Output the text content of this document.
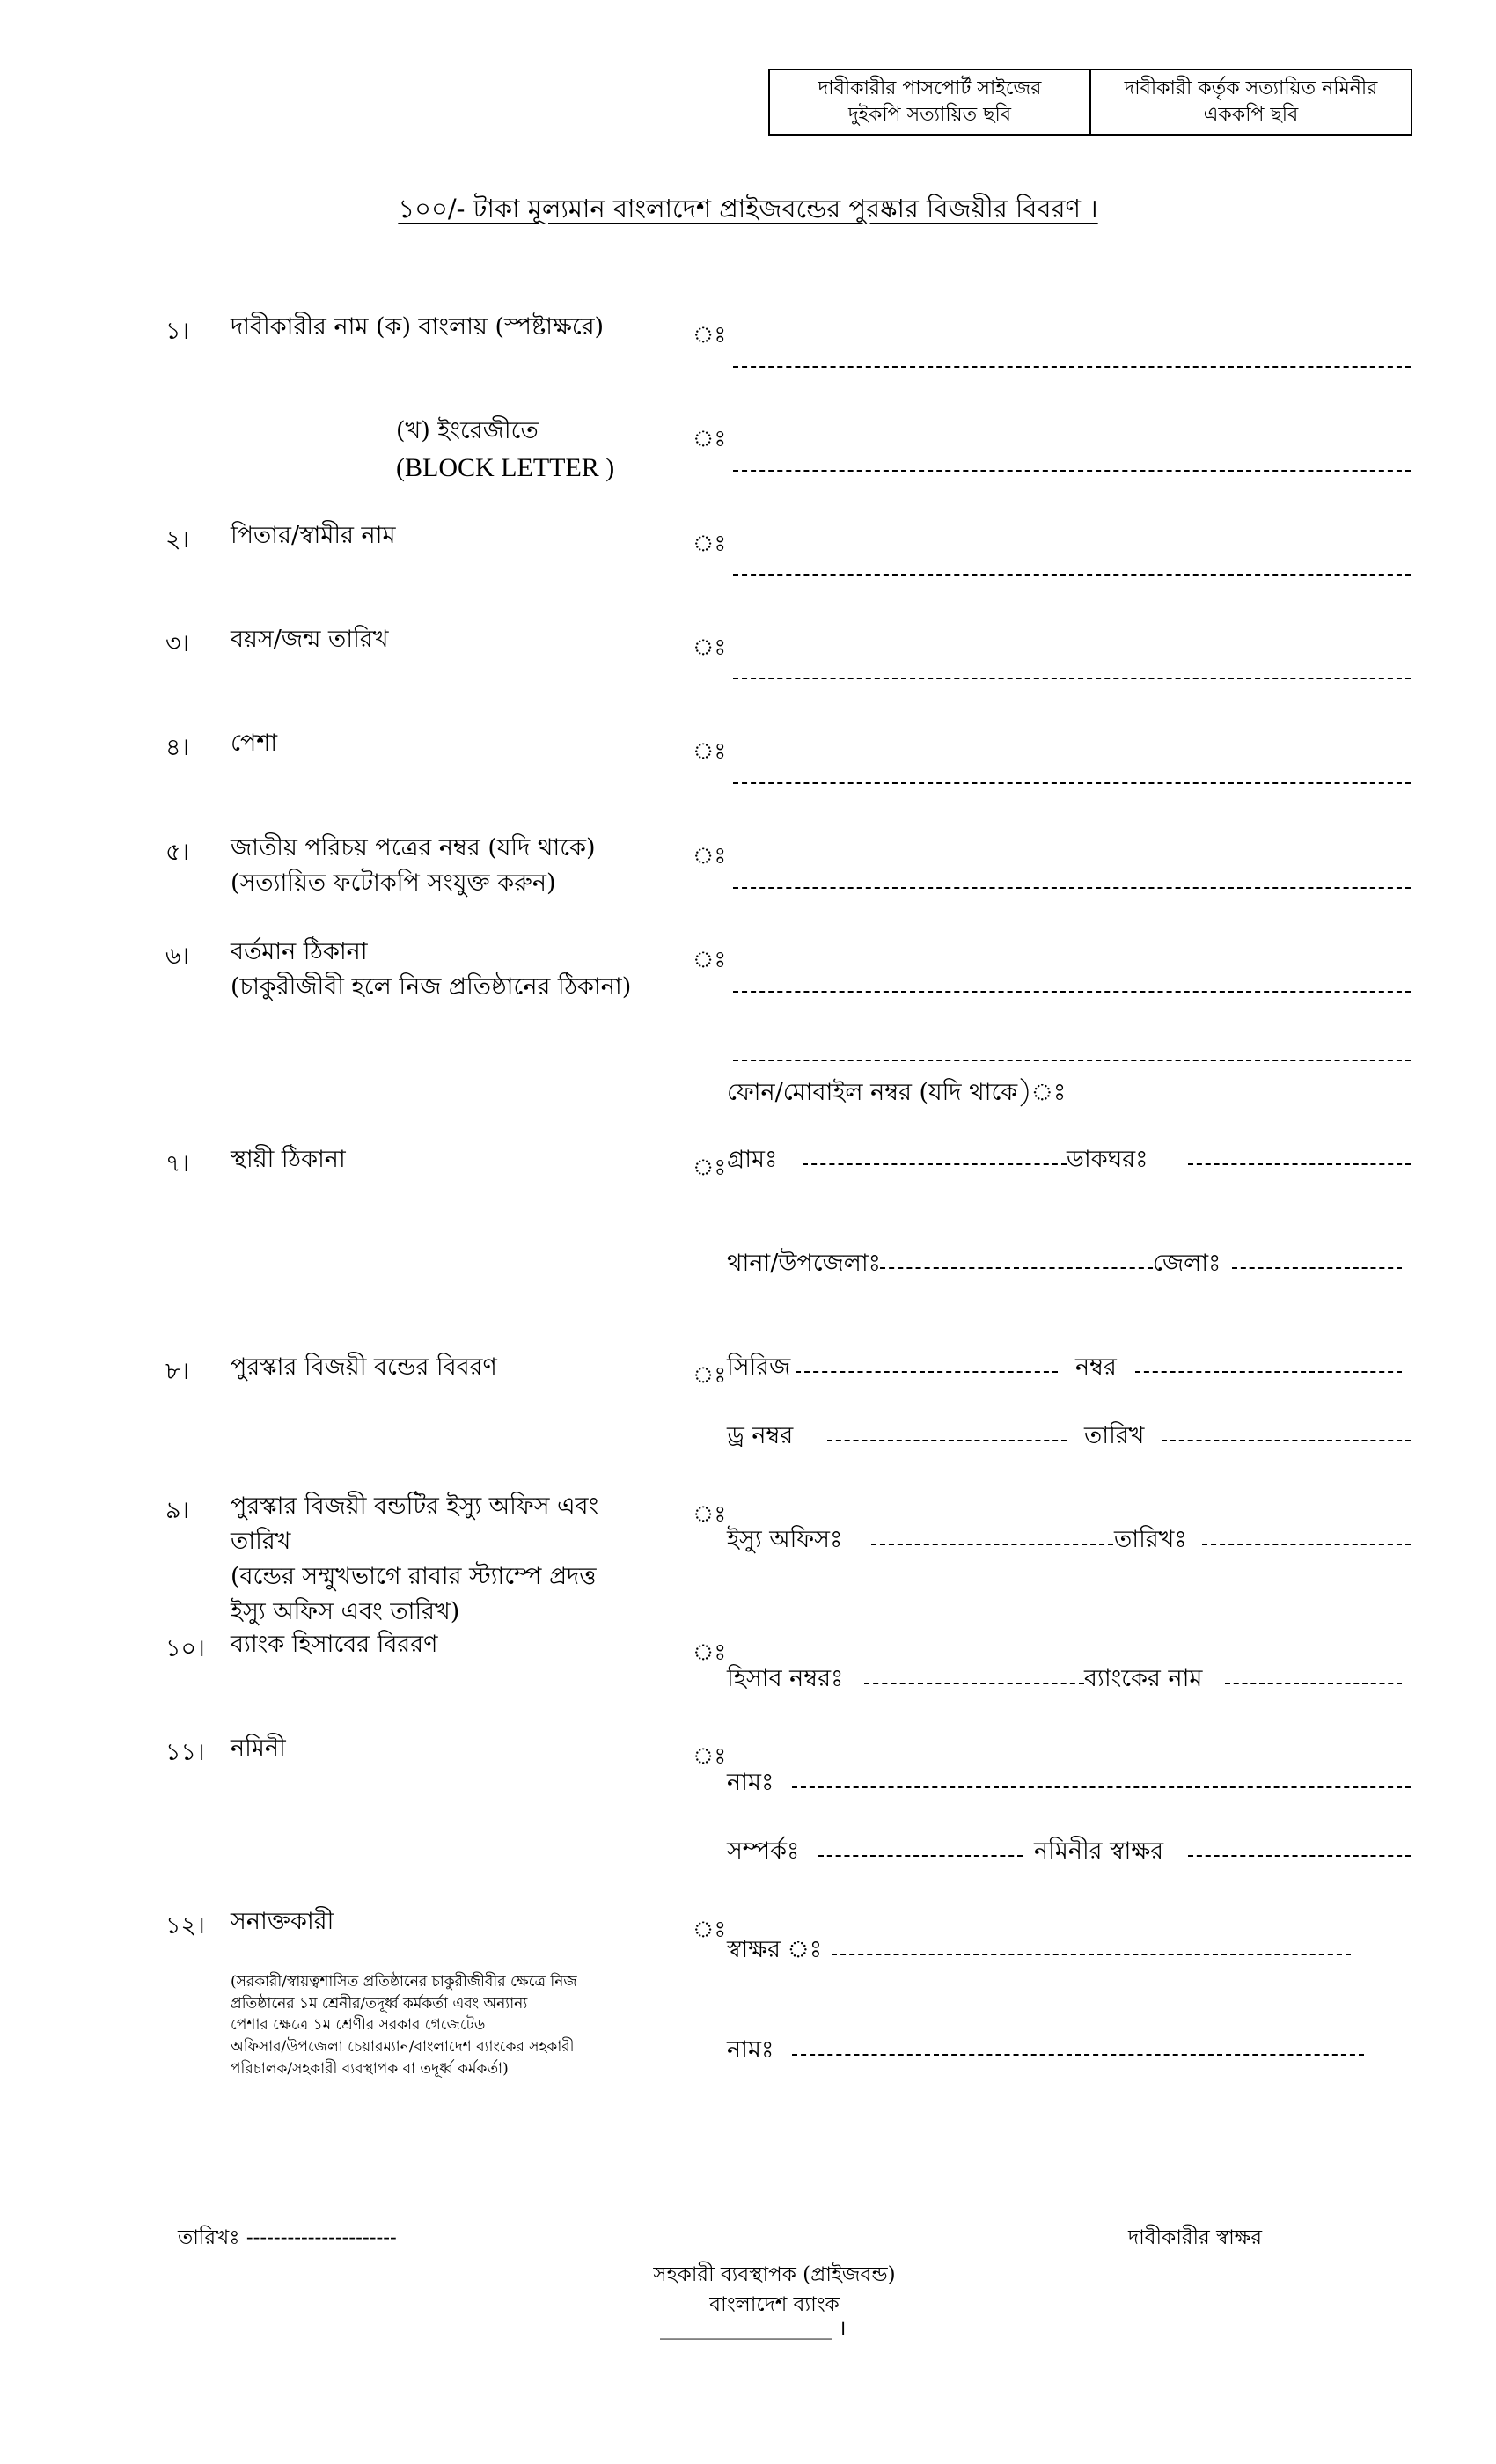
দাবীকারীর পাসপোর্ট সাইজের
দুইকপি সত্যায়িত ছবি
দাবীকারী কর্তৃক সত্যায়িত নমিনীর
এককপি ছবি
১০০/- টাকা মূল্যমান বাংলাদেশ প্রাইজবন্ডের পুরষ্কার বিজয়ীর বিবরণ ।
১। দাবীকারীর নাম (ক) বাংলায় (স্পষ্টাক্ষরে)	ঃ
(খ) ইংরেজীতে
(BLOCK LETTER )
ঃ
২। পিতার/স্বামীর নাম	ঃ
৩। বয়স/জন্ম তারিখ	ঃ
৪। পেশা	ঃ
৫। জাতীয় পরিচয় পত্রের নম্বর (যদি থাকে)
(সত্যায়িত ফটোকপি সংযুক্ত করুন)
ঃ
৬। বর্তমান ঠিকানা
(চাকুরীজীবী হলে নিজ প্রতিষ্ঠানের ঠিকানা)
ঃ
ফোন/মোবাইল নম্বর (যদি থাকে)ঃ
৭। স্থায়ী ঠিকানা	ঃ গ্রামঃ	ডাকঘরঃ
থানা/উপজেলাঃ	জেলাঃ
৮। পুরস্কার বিজয়ী বন্ডের বিবরণ	ঃ সিরিজ	নম্বর
ড্র নম্বর	তারিখ
৯। পুরস্কার বিজয়ী বন্ডটির ইস্যু অফিস এবং
তারিখ
(বন্ডের সম্মুখভাগে রাবার স্ট্যাম্পে প্রদত্ত
ইস্যু অফিস এবং তারিখ)
ঃ
ইস্যু অফিসঃ	তারিখঃ
১০। ব্যাংক হিসাবের বিররণ	ঃ
হিসাব নম্বরঃ	ব্যাংকের নাম
১১। নমিনী	ঃ
নামঃ
সম্পর্কঃ	নমিনীর স্বাক্ষর
১২। সনাক্তকারী	ঃ
স্বাক্ষর ঃ
নামঃ
(সরকারী/স্বায়ত্বশাসিত প্রতিষ্ঠানের চাকুরীজীবীর ক্ষেত্রে নিজ
প্রতিষ্ঠানের ১ম শ্রেনীর/তদূর্ধ্ব কর্মকর্তা এবং অন্যান্য
পেশার ক্ষেত্রে ১ম শ্রেণীর সরকার গেজেটেড
অফিসার/উপজেলা চেয়ারম্যান/বাংলাদেশ ব্যাংকের সহকারী
পরিচালক/সহকারী ব্যবস্থাপক বা তদূর্ধ্ব কর্মকর্তা)
তারিখঃ ----------------------	দাবীকারীর স্বাক্ষর
সহকারী ব্যবস্থাপক (প্রাইজবন্ড)
বাংলাদেশ ব্যাংক
_________________ ।
